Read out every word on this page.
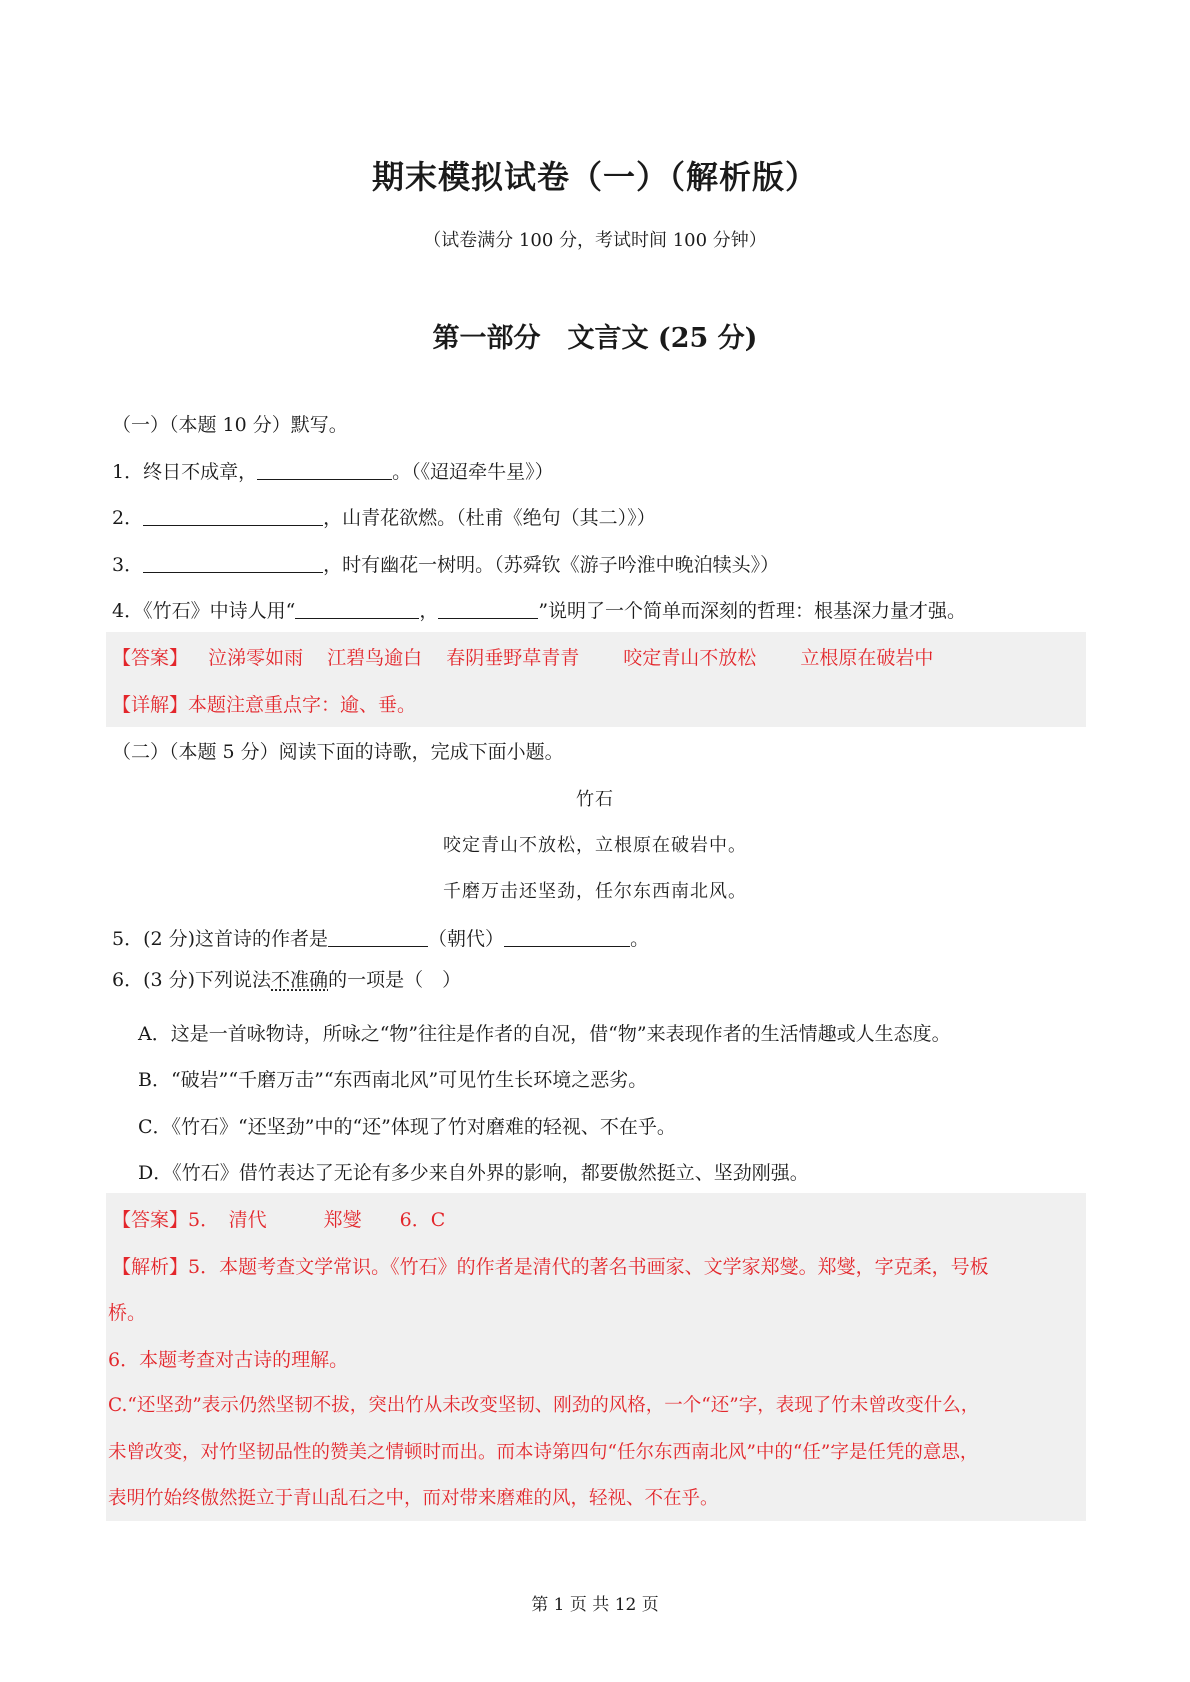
期末模拟试卷（一）（解析版）
（试卷满分 100 分，考试时间 100 分钟）
第一部分　文言文 (25 分)
（一）（本题 10 分）默写。
1．终日不成章，	。（《迢迢牵牛星》）
2．	，山青花欲燃。（杜甫《绝句（其二）》）
3．	，时有幽花一树明。（苏舜钦《游子吟淮中晚泊犊头》）
4．《竹石》中诗人用“	，	”说明了一个简单而深刻的哲理：根基深力量才强。
【答案】 泣涕零如雨 江碧鸟逾白 春阴垂野草青青 咬定青山不放松 立根原在破岩中
【详解】本题注意重点字：逾、垂。
（二）（本题 5 分）阅读下面的诗歌，完成下面小题。
竹石
咬定青山不放松，立根原在破岩中。
千磨万击还坚劲，任尔东西南北风。
5．(2 分)这首诗的作者是	（朝代）	。
6．(3 分)下列说法不准确的一项是（　）
A．这是一首咏物诗，所咏之“物”往往是作者的自况，借“物”来表现作者的生活情趣或人生态度。
B．“破岩”“千磨万击”“东西南北风”可见竹生长环境之恶劣。
C．《竹石》“还坚劲”中的“还”体现了竹对磨难的轻视、不在乎。
D．《竹石》借竹表达了无论有多少来自外界的影响，都要傲然挺立、坚劲刚强。
【答案】5．　清代　　　郑燮　　6．C
【解析】5．本题考查文学常识。《竹石》的作者是清代的著名书画家、文学家郑燮。郑燮，字克柔，号板
桥。
6．本题考查对古诗的理解。
C.“还坚劲”表示仍然坚韧不拔，突出竹从未改变坚韧、刚劲的风格，一个“还”字，表现了竹未曾改变什么，
未曾改变，对竹坚韧品性的赞美之情顿时而出。而本诗第四句“任尔东西南北风”中的“任”字是任凭的意思，
表明竹始终傲然挺立于青山乱石之中，而对带来磨难的风，轻视、不在乎。
第 1 页 共 12 页
